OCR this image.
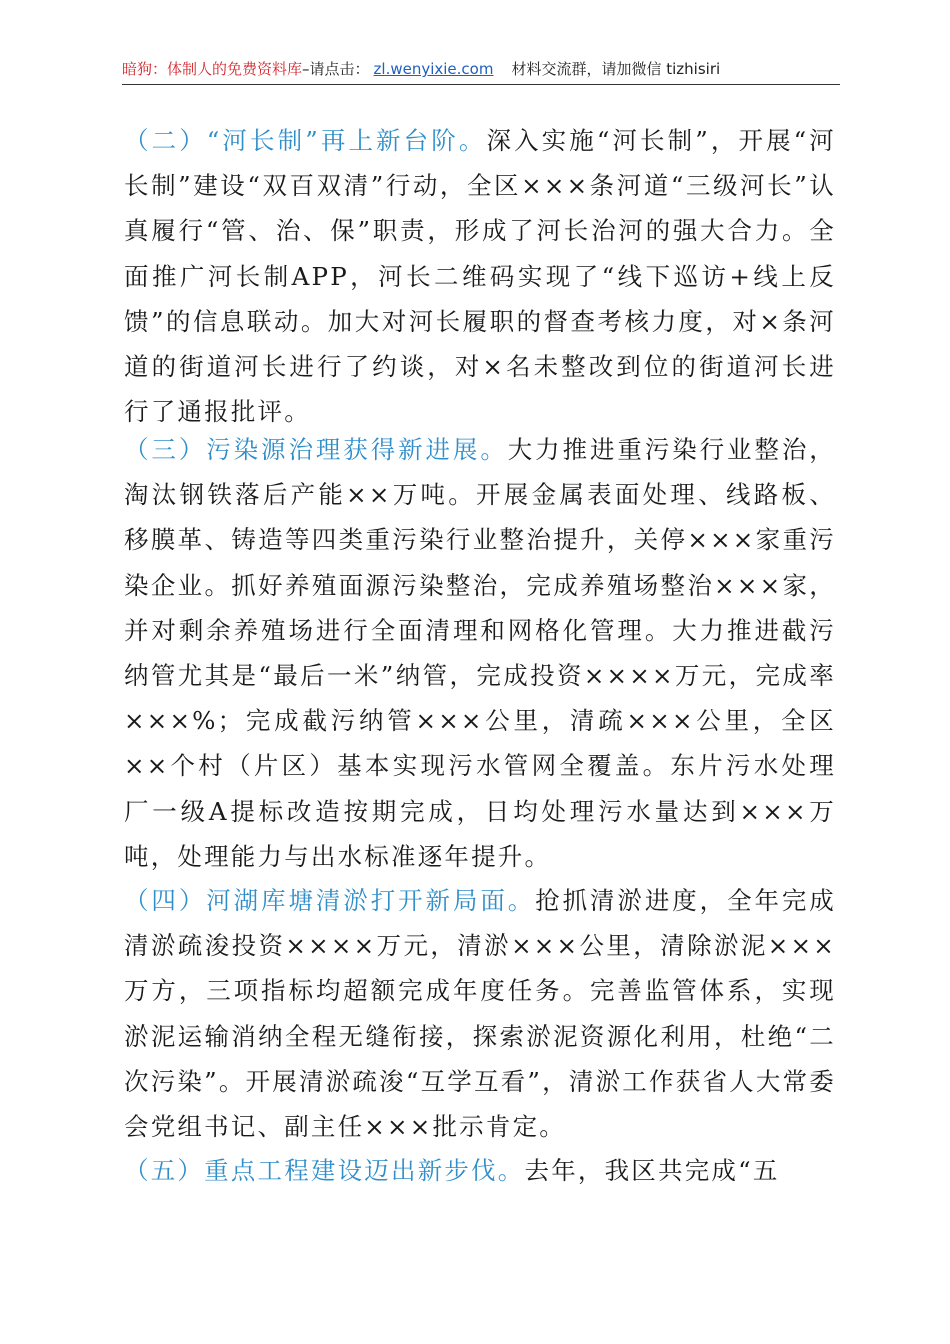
暗狗：体制人的免费资料库–请点击： zl.wenyixie.com 材料交流群，请加微信 tizhisiri

（二）“河长制”再上新台阶。深入实施“河长制”，开展“河长制”建设“双百双清”行动，全区×××条河道“三级河长”认真履行“管、治、保”职责，形成了河长治河的强大合力。全面推广河长制APP，河长二维码实现了“线下巡访+线上反馈”的信息联动。加大对河长履职的督查考核力度，对×条河道的街道河长进行了约谈，对×名未整改到位的街道河长进行了通报批评。

（三）污染源治理获得新进展。大力推进重污染行业整治，淘汰钢铁落后产能××万吨。开展金属表面处理、线路板、移膜革、铸造等四类重污染行业整治提升，关停×××家重污染企业。抓好养殖面源污染整治，完成养殖场整治×××家，并对剩余养殖场进行全面清理和网格化管理。大力推进截污纳管尤其是“最后一米”纳管，完成投资××××万元，完成率×××%；完成截污纳管×××公里，清疏×××公里，全区××个村（片区）基本实现污水管网全覆盖。东片污水处理厂一级A提标改造按期完成，日均处理污水量达到×××万吨，处理能力与出水标准逐年提升。

（四）河湖库塘清淤打开新局面。抢抓清淤进度，全年完成清淤疏浚投资××××万元，清淤×××公里，清除淤泥×××万方，三项指标均超额完成年度任务。完善监管体系，实现淤泥运输消纳全程无缝衔接，探索淤泥资源化利用，杜绝“二次污染”。开展清淤疏浚“互学互看”，清淤工作获省人大常委会党组书记、副主任×××批示肯定。

（五）重点工程建设迈出新步伐。去年，我区共完成“五
